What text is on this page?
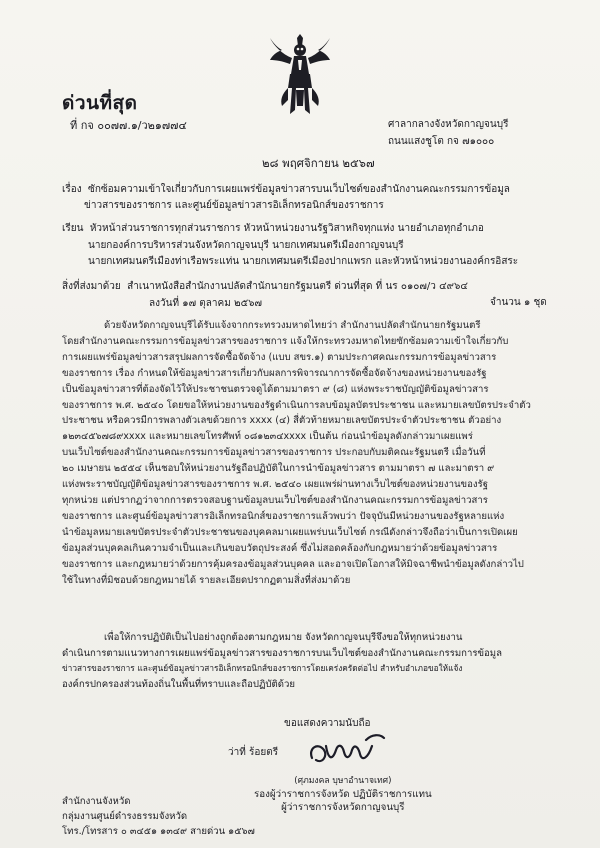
ด่วนที่สุด
ที่ กจ ๐๐๗๗.๑/ว๒๑๗๗๔	ศาลากลางจังหวัดกาญจนบุรี
ถนนแสงชูโต กจ ๗๑๐๐๐
๒๘ พฤศจิกายน ๒๕๖๗
เรื่อง ซักซ้อมความเข้าใจเกี่ยวกับการเผยแพร่ข้อมูลข่าวสารบนเว็บไซต์ของสำนักงานคณะกรรมการข้อมูล
ข่าวสารของราชการ และศูนย์ข้อมูลข่าวสารอิเล็กทรอนิกส์ของราชการ
เรียน หัวหน้าส่วนราชการทุกส่วนราชการ หัวหน้าหน่วยงานรัฐวิสาหกิจทุกแห่ง นายอำเภอทุกอำเภอ
นายกองค์การบริหารส่วนจังหวัดกาญจนบุรี นายกเทศมนตรีเมืองกาญจนบุรี
นายกเทศมนตรีเมืองท่าเรือพระแท่น นายกเทศมนตรีเมืองปากแพรก และหัวหน้าหน่วยงานองค์กรอิสระ
สิ่งที่ส่งมาด้วย สำเนาหนังสือสำนักงานปลัดสำนักนายกรัฐมนตรี ด่วนที่สุด ที่ นร ๐๑๐๗/ว ๔๙๖๔
ลงวันที่ ๑๗ ตุลาคม ๒๕๖๗	จำนวน ๑ ชุด
ด้วยจังหวัดกาญจนบุรีได้รับแจ้งจากกระทรวงมหาดไทยว่า สำนักงานปลัดสำนักนายกรัฐมนตรี
โดยสำนักงานคณะกรรมการข้อมูลข่าวสารของราชการ แจ้งให้กระทรวงมหาดไทยซักซ้อมความเข้าใจเกี่ยวกับ
การเผยแพร่ข้อมูลข่าวสารสรุปผลการจัดซื้อจัดจ้าง (แบบ สขร.๑) ตามประกาศคณะกรรมการข้อมูลข่าวสาร
ของราชการ เรื่อง กำหนดให้ข้อมูลข่าวสารเกี่ยวกับผลการพิจารณาการจัดซื้อจัดจ้างของหน่วยงานของรัฐ
เป็นข้อมูลข่าวสารที่ต้องจัดไว้ให้ประชาชนตรวจดูได้ตามมาตรา ๙ (๘) แห่งพระราชบัญญัติข้อมูลข่าวสาร
ของราชการ พ.ศ. ๒๕๔๐ โดยขอให้หน่วยงานของรัฐดำเนินการลบข้อมูลบัตรประชาชน และหมายเลขบัตรประจำตัว
ประชาชน หรือควรมีการพลางตัวเลขด้วยการ xxxx (๔) สี่ตัวท้ายหมายเลขบัตรประจำตัวประชาชน ตัวอย่าง
๑๒๓๔๕๖๗๘๙xxxx และหมายเลขโทรศัพท์ ๐๘๑๒๓๔xxxx เป็นต้น ก่อนนำข้อมูลดังกล่าวมาเผยแพร่
บนเว็บไซต์ของสำนักงานคณะกรรมการข้อมูลข่าวสารของราชการ ประกอบกับมติคณะรัฐมนตรี เมื่อวันที่
๒๐ เมษายน ๒๕๕๔ เห็นชอบให้หน่วยงานรัฐถือปฏิบัติในการนำข้อมูลข่าวสาร ตามมาตรา ๗ และมาตรา ๙
แห่งพระราชบัญญัติข้อมูลข่าวสารของราชการ พ.ศ. ๒๕๔๐ เผยแพร่ผ่านทางเว็บไซต์ของหน่วยงานของรัฐ
ทุกหน่วย แต่ปรากฏว่าจากการตรวจสอบฐานข้อมูลบนเว็บไซต์ของสำนักงานคณะกรรมการข้อมูลข่าวสาร
ของราชการ และศูนย์ข้อมูลข่าวสารอิเล็กทรอนิกส์ของราชการแล้วพบว่า ปัจจุบันมีหน่วยงานของรัฐหลายแห่ง
นำข้อมูลหมายเลขบัตรประจำตัวประชาชนของบุคคลมาเผยแพร่บนเว็บไซต์ กรณีดังกล่าวจึงถือว่าเป็นการเปิดเผย
ข้อมูลส่วนบุคคลเกินความจำเป็นและเกินขอบวัตถุประสงค์ ซึ่งไม่สอดคล้องกับกฎหมายว่าด้วยข้อมูลข่าวสาร
ของราชการ และกฎหมายว่าด้วยการคุ้มครองข้อมูลส่วนบุคคล และอาจเปิดโอกาสให้มิจฉาชีพนำข้อมูลดังกล่าวไป
ใช้ในทางที่มิชอบด้วยกฎหมายได้ รายละเอียดปรากฏตามสิ่งที่ส่งมาด้วย
เพื่อให้การปฏิบัติเป็นไปอย่างถูกต้องตามกฎหมาย จังหวัดกาญจนบุรีจึงขอให้ทุกหน่วยงาน
ดำเนินการตามแนวทางการเผยแพร่ข้อมูลข่าวสารของราชการบนเว็บไซต์ของสำนักงานคณะกรรมการข้อมูล
ข่าวสารของราชการ และศูนย์ข้อมูลข่าวสารอิเล็กทรอนิกส์ของราชการโดยเคร่งครัดต่อไป สำหรับอำเภอขอให้แจ้ง
องค์กรปกครองส่วนท้องถิ่นในพื้นที่ทราบและถือปฏิบัติด้วย
ขอแสดงความนับถือ
ว่าที่ ร้อยตรี
(ศุภมงคล บุษาอำนาจเทศ)
รองผู้ว่าราชการจังหวัด ปฏิบัติราชการแทน
ผู้ว่าราชการจังหวัดกาญจนบุรี
สำนักงานจังหวัด
กลุ่มงานศูนย์ดำรงธรรมจังหวัด
โทร./โทรสาร ๐ ๓๔๕๑ ๑๓๔๙ สายด่วน ๑๕๖๗
